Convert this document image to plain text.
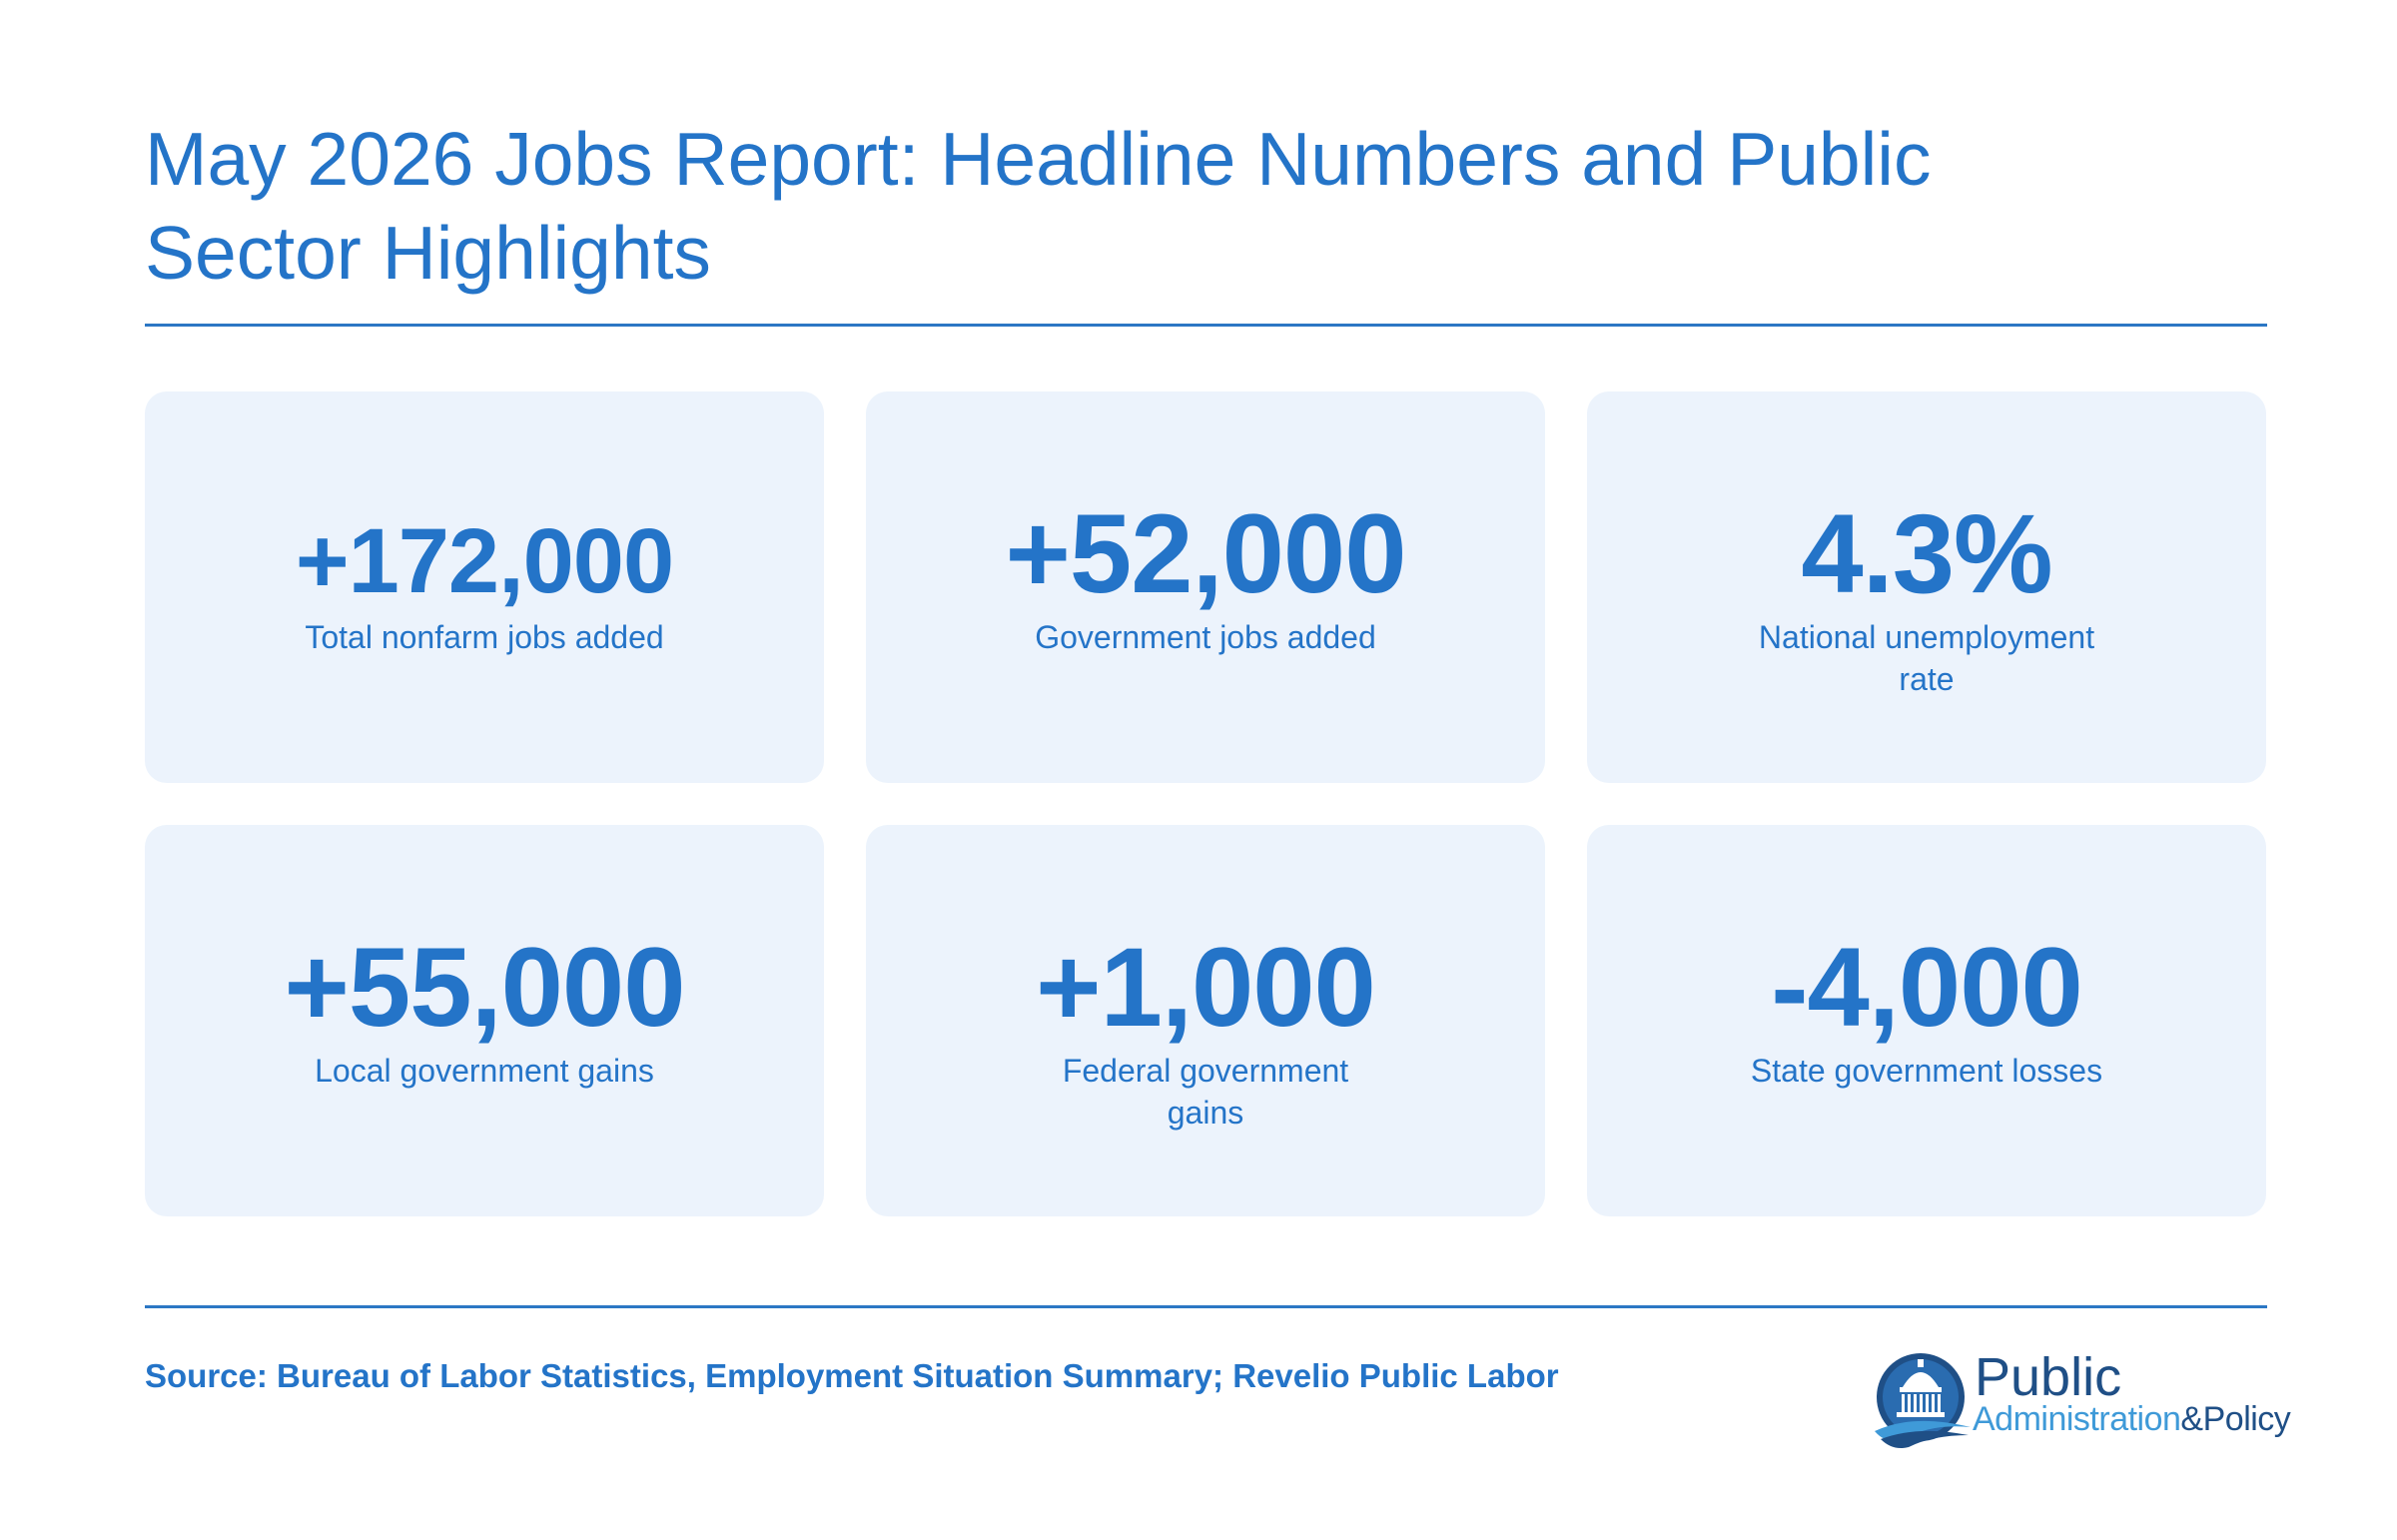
May 2026 Jobs Report: Headline Numbers and Public Sector Highlights
+172,000
Total nonfarm jobs added
+52,000
Government jobs added
4.3%
National unemployment rate
+55,000
Local government gains
+1,000
Federal government gains
-4,000
State government losses
Source: Bureau of Labor Statistics, Employment Situation Summary; Revelio Public Labor	Public
Administration&Policy
